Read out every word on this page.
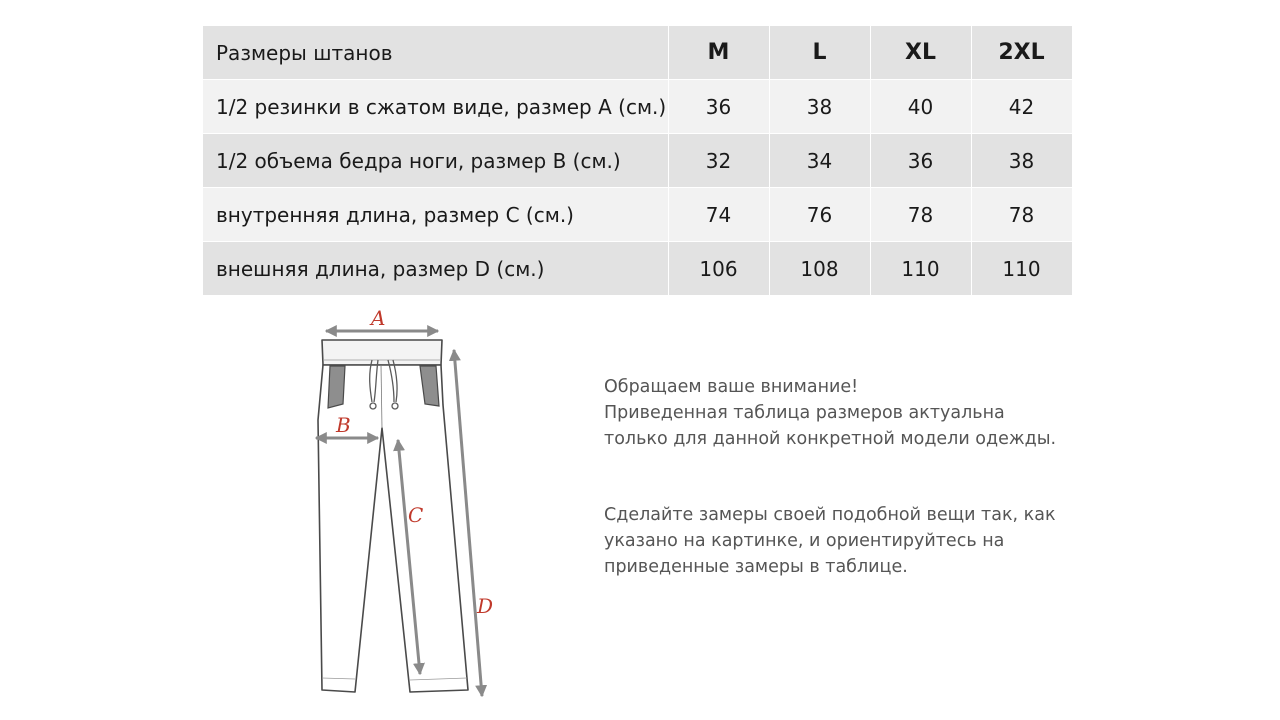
Размеры штанов	M	L	XL	2XL
1/2 резинки в сжатом виде, размер A (см.)	36	38	40	42
1/2 объема бедра ноги, размер B (см.)	32	34	36	38
внутренняя длина, размер C (см.)	74	76	78	78
внешняя длина, размер D (см.)	106	108	110	110
A
B
C
D

Обращаем ваше внимание!
Приведенная таблица размеров актуальна
только для данной конкретной модели одежды.

Сделайте замеры своей подобной вещи так, как
указано на картинке, и ориентируйтесь на
приведенные замеры в таблице.
